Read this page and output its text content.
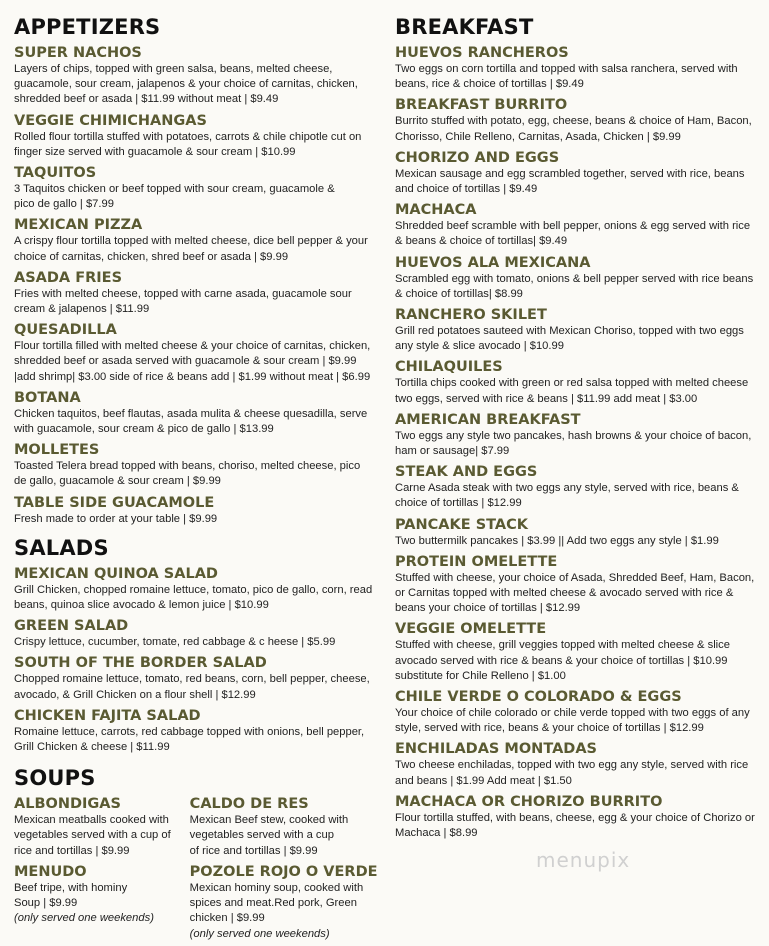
APPETIZERS

SUPER NACHOS

Layers of chips, topped with green salsa, beans, melted cheese,

guacamole, sour cream, jalapenos & your choice of carnitas, chicken,

shredded beef or asada | $11.99 without meat | $9.49

VEGGIE CHIMICHANGAS

Rolled flour tortilla stuffed with potatoes, carrots & chile chipotle cut on

finger size served with guacamole & sour cream | $10.99

TAQUITOS

3 Taquitos chicken or beef topped with sour cream, guacamole &

pico de gallo | $7.99

MEXICAN PIZZA

A crispy flour tortilla topped with melted cheese, dice bell pepper & your

choice of carnitas, chicken, shred beef or asada | $9.99

ASADA FRIES

Fries with melted cheese, topped with carne asada, guacamole sour

cream & jalapenos | $11.99

QUESADILLA

Flour tortilla filled with melted cheese & your choice of carnitas, chicken,

shredded beef or asada served with guacamole & sour cream | $9.99

|add shrimp| $3.00 side of rice & beans add | $1.99 without meat | $6.99

BOTANA

Chicken taquitos, beef flautas, asada mulita & cheese quesadilla, serve

with guacamole, sour cream & pico de gallo | $13.99

MOLLETES

Toasted Telera bread topped with beans, choriso, melted cheese, pico

de gallo, guacamole & sour cream | $9.99

TABLE SIDE GUACAMOLE

Fresh made to order at your table | $9.99

SALADS

MEXICAN QUINOA SALAD

Grill Chicken, chopped romaine lettuce, tomato, pico de gallo, corn, read

beans, quinoa slice avocado & lemon juice | $10.99

GREEN SALAD

Crispy lettuce, cucumber, tomate, red cabbage & c heese | $5.99

SOUTH OF THE BORDER SALAD

Chopped romaine lettuce, tomato, red beans, corn, bell pepper, cheese,

avocado, & Grill Chicken on a flour shell | $12.99

CHICKEN FAJITA SALAD

Romaine lettuce, carrots, red cabbage topped with onions, bell pepper,

Grill Chicken & cheese | $11.99

SOUPS

ALBONDIGAS

Mexican meatballs cooked with

vegetables served with a cup of

rice and tortillas | $9.99

MENUDO

Beef tripe, with hominy

Soup | $9.99

(only served one weekends)

CALDO DE RES

Mexican Beef stew, cooked with

vegetables served with a cup

of rice and tortillas | $9.99

POZOLE ROJO O VERDE

Mexican hominy soup, cooked with

spices and meat.Red pork, Green

chicken | $9.99

(only served one weekends)

BREAKFAST

HUEVOS RANCHEROS

Two eggs on corn tortilla and topped with salsa ranchera, served with

beans, rice & choice of tortillas | $9.49

BREAKFAST BURRITO

Burrito stuffed with potato, egg, cheese, beans & choice of Ham, Bacon,

Chorisso, Chile Relleno, Carnitas, Asada, Chicken | $9.99

CHORIZO AND EGGS

Mexican sausage and egg scrambled together, served with rice, beans

and choice of tortillas | $9.49

MACHACA

Shredded beef scramble with bell pepper, onions & egg served with rice

& beans & choice of tortillas| $9.49

HUEVOS ALA MEXICANA

Scrambled egg with tomato, onions & bell pepper served with rice beans

& choice of tortillas| $8.99

RANCHERO SKILET

Grill red potatoes sauteed with Mexican Choriso, topped with two eggs

any style & slice avocado | $10.99

CHILAQUILES

Tortilla chips cooked with green or red salsa topped with melted cheese

two eggs, served with rice & beans | $11.99 add meat | $3.00

AMERICAN BREAKFAST

Two eggs any style two pancakes, hash browns & your choice of bacon,

ham or sausage| $7.99

STEAK AND EGGS

Carne Asada steak with two eggs any style, served with rice, beans &

choice of tortillas | $12.99

PANCAKE STACK

Two buttermilk pancakes | $3.99 || Add two eggs any style | $1.99

PROTEIN OMELETTE

Stuffed with cheese, your choice of Asada, Shredded Beef, Ham, Bacon,

or Carnitas topped with melted cheese & avocado served with rice &

beans your choice of tortillas | $12.99

VEGGIE OMELETTE

Stuffed with cheese, grill veggies topped with melted cheese & slice

avocado served with rice & beans & your choice of tortillas | $10.99

substitute for Chile Relleno | $1.00

CHILE VERDE O COLORADO & EGGS

Your choice of chile colorado or chile verde topped with two eggs of any

style, served with rice, beans & your choice of tortillas | $12.99

ENCHILADAS MONTADAS

Two cheese enchiladas, topped with two egg any style, served with rice

and beans | $1.99 Add meat | $1.50

MACHACA OR CHORIZO BURRITO

Flour tortilla stuffed, with beans, cheese, egg & your choice of Chorizo or

Machaca | $8.99

menupix
